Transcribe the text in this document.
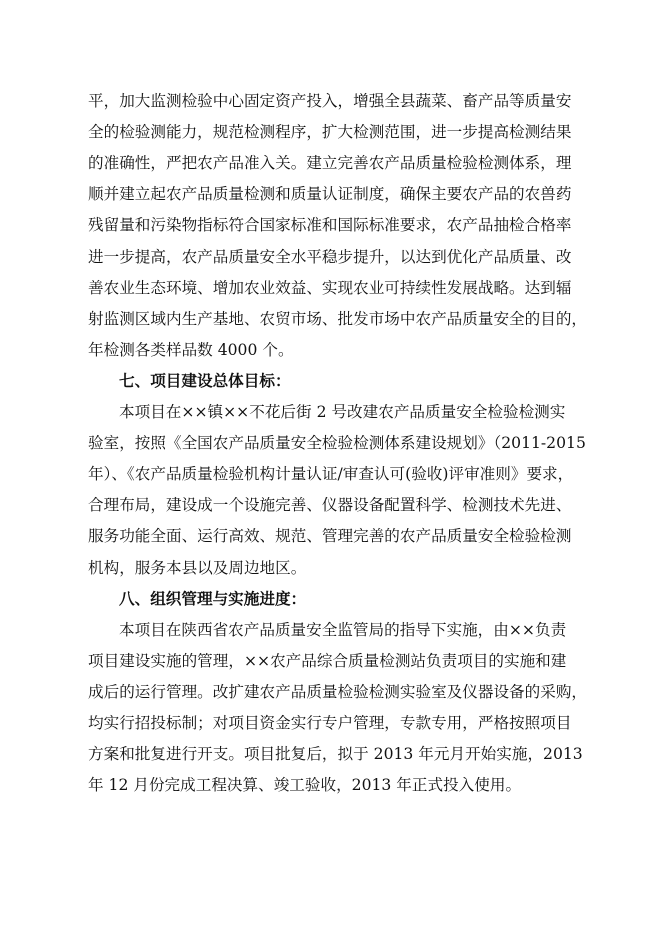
平，加大监测检验中心固定资产投入，增强全县蔬菜、畜产品等质量安
全的检验测能力，规范检测程序，扩大检测范围，进一步提高检测结果
的准确性，严把农产品准入关。建立完善农产品质量检验检测体系，理
顺并建立起农产品质量检测和质量认证制度，确保主要农产品的农兽药
残留量和污染物指标符合国家标准和国际标准要求，农产品抽检合格率
进一步提高，农产品质量安全水平稳步提升，以达到优化产品质量、改
善农业生态环境、增加农业效益、实现农业可持续性发展战略。达到辐
射监测区域内生产基地、农贸市场、批发市场中农产品质量安全的目的，
年检测各类样品数 4000 个。
七、项目建设总体目标：
本项目在××镇××不花后街 2 号改建农产品质量安全检验检测实
验室，按照《全国农产品质量安全检验检测体系建设规划》（2011-2015
年）、《农产品质量检验机构计量认证/审查认可(验收)评审准则》要求，
合理布局，建设成一个设施完善、仪器设备配置科学、检测技术先进、
服务功能全面、运行高效、规范、管理完善的农产品质量安全检验检测
机构，服务本县以及周边地区。
八、组织管理与实施进度：
本项目在陕西省农产品质量安全监管局的指导下实施，由××负责
项目建设实施的管理，××农产品综合质量检测站负责项目的实施和建
成后的运行管理。改扩建农产品质量检验检测实验室及仪器设备的采购，
均实行招投标制；对项目资金实行专户管理，专款专用，严格按照项目
方案和批复进行开支。项目批复后，拟于 2013 年元月开始实施，2013
年 12 月份完成工程决算、竣工验收，2013 年正式投入使用。
